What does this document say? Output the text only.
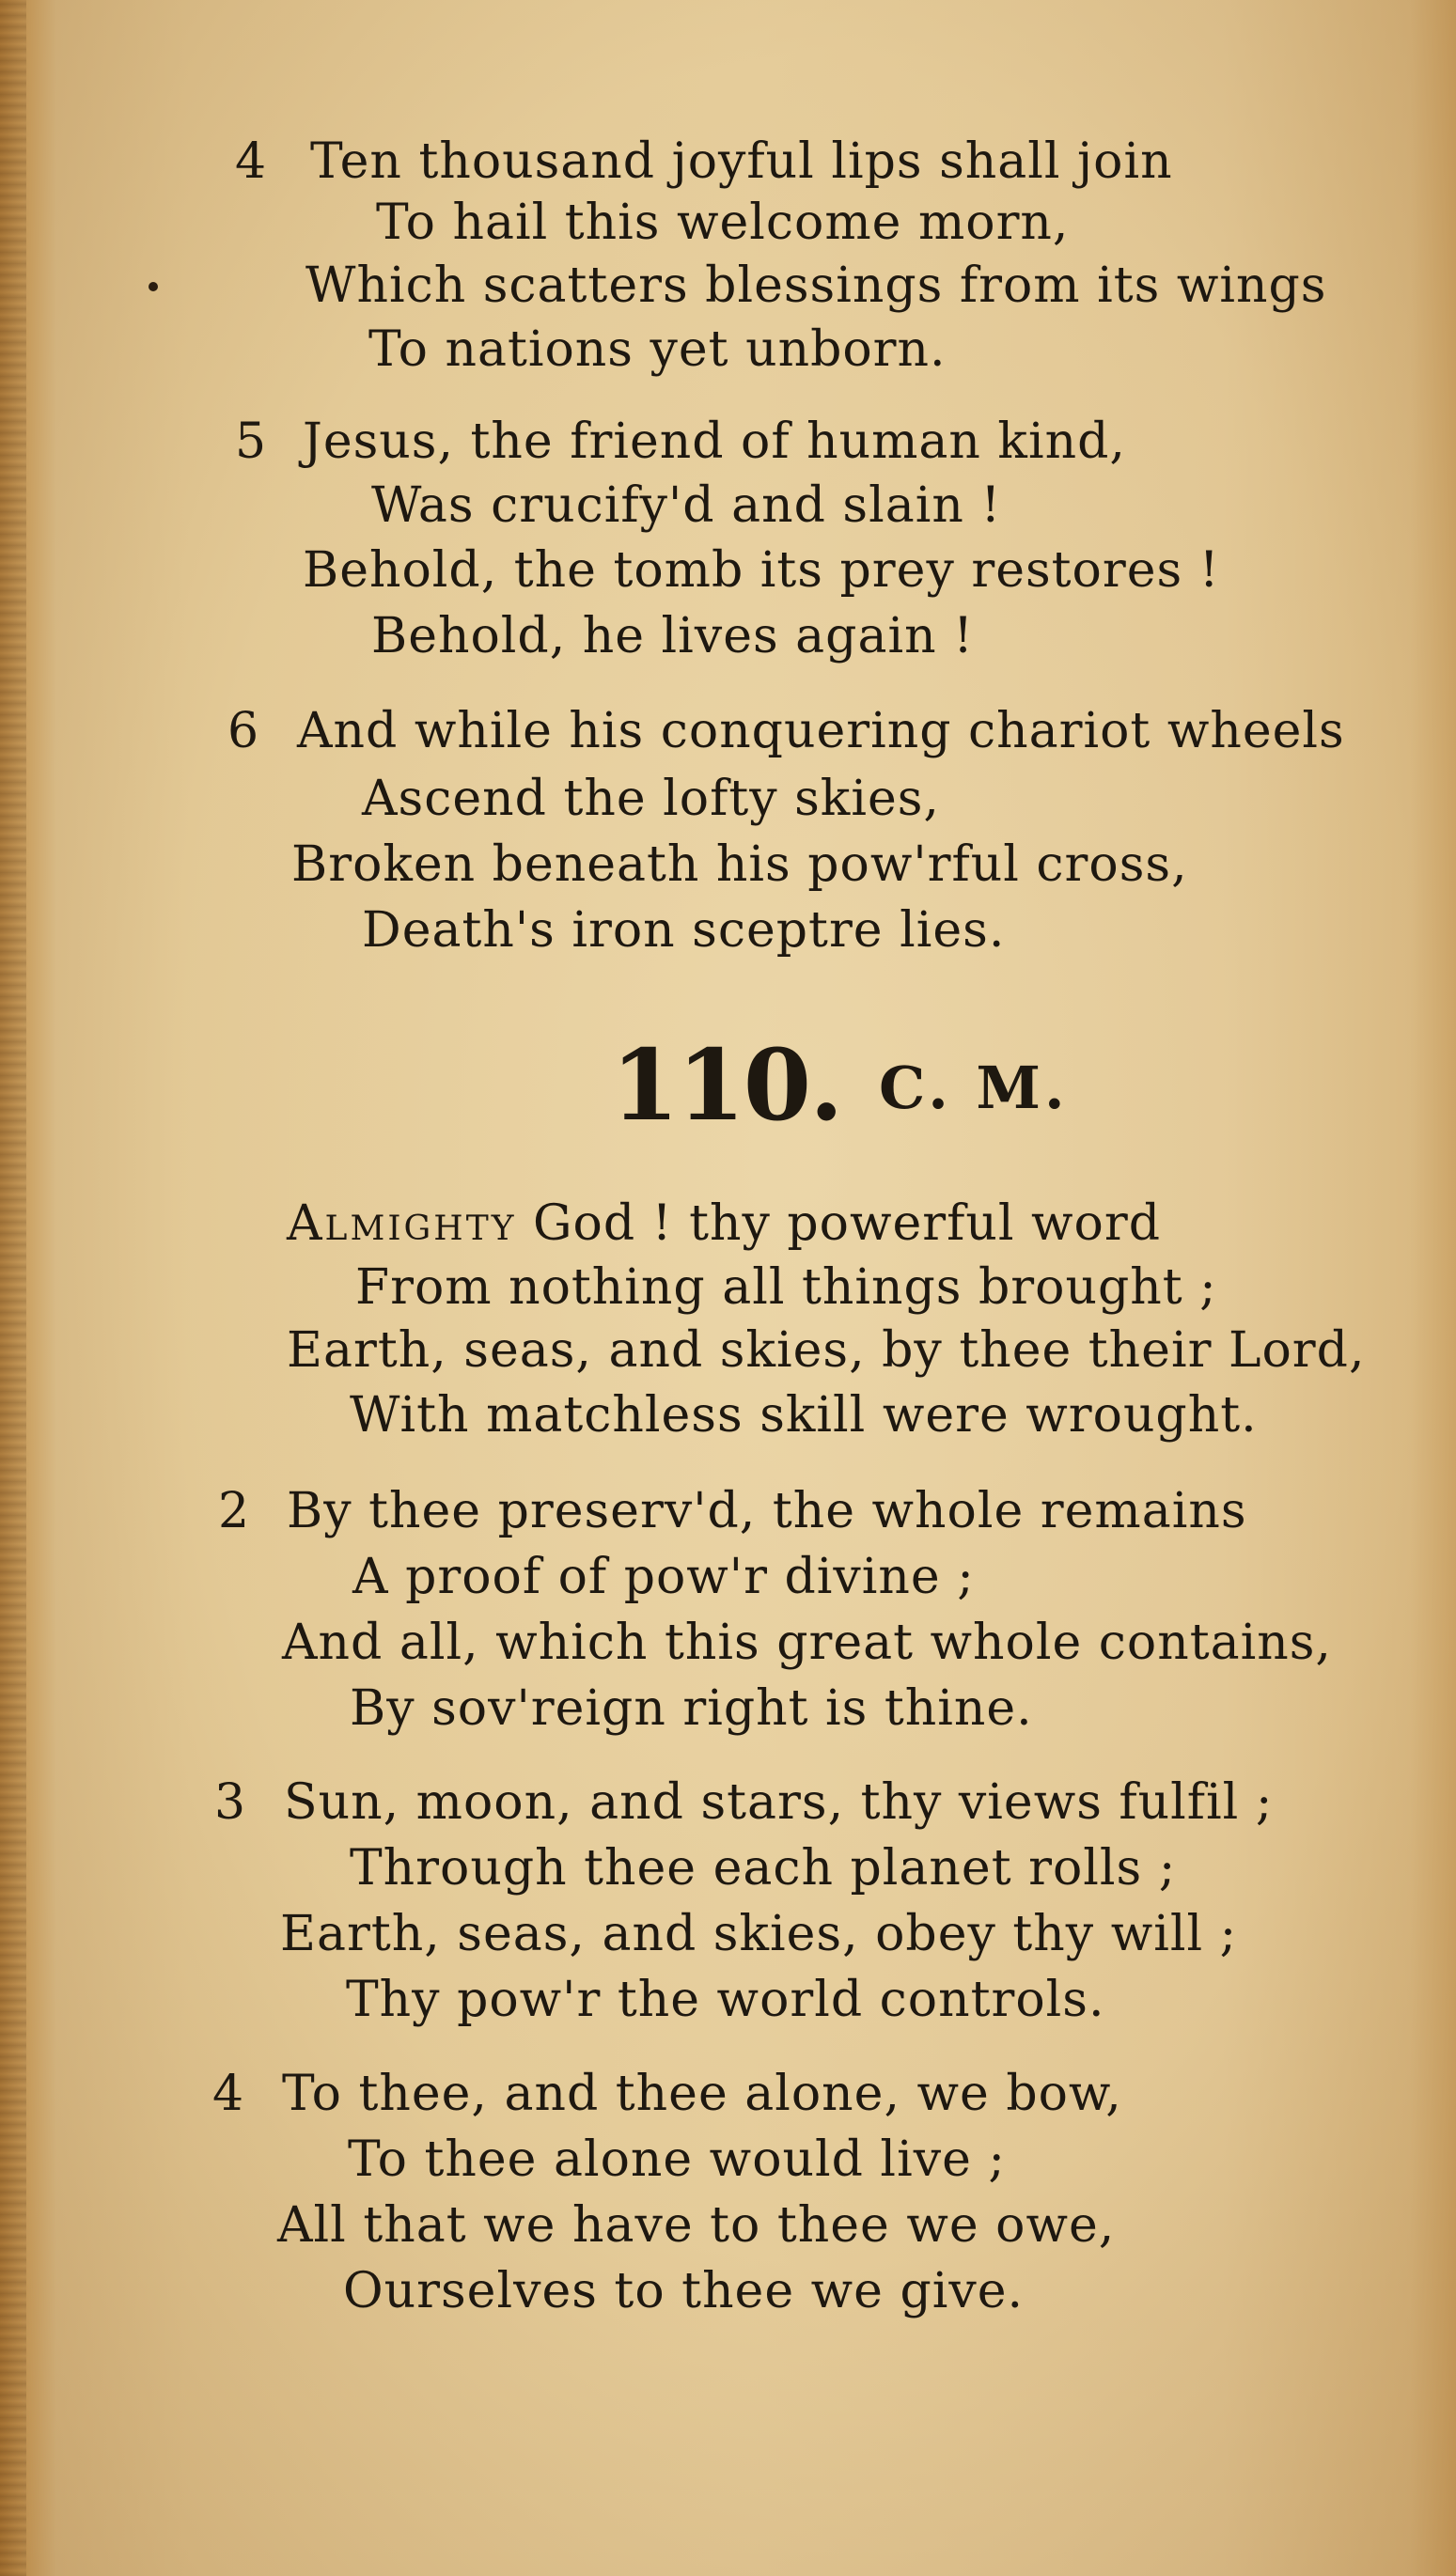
4 Ten thousand joyful lips shall join
To hail this welcome morn,
Which scatters blessings from its wings
To nations yet unborn.
5 Jesus, the friend of human kind,
Was crucify'd and slain !
Behold, the tomb its prey restores !
Behold, he lives again !
6 And while his conquering chariot wheels
Ascend the lofty skies,
Broken beneath his pow'rful cross,
Death's iron sceptre lies.
110. C. M.
Almighty God ! thy powerful word
From nothing all things brought ;
Earth, seas, and skies, by thee their Lord,
With matchless skill were wrought.
2 By thee preserv'd, the whole remains
A proof of pow'r divine ;
And all, which this great whole contains,
By sov'reign right is thine.
3 Sun, moon, and stars, thy views fulfil ;
Through thee each planet rolls ;
Earth, seas, and skies, obey thy will ;
Thy pow'r the world controls.
4 To thee, and thee alone, we bow,
To thee alone would live ;
All that we have to thee we owe,
Ourselves to thee we give.
